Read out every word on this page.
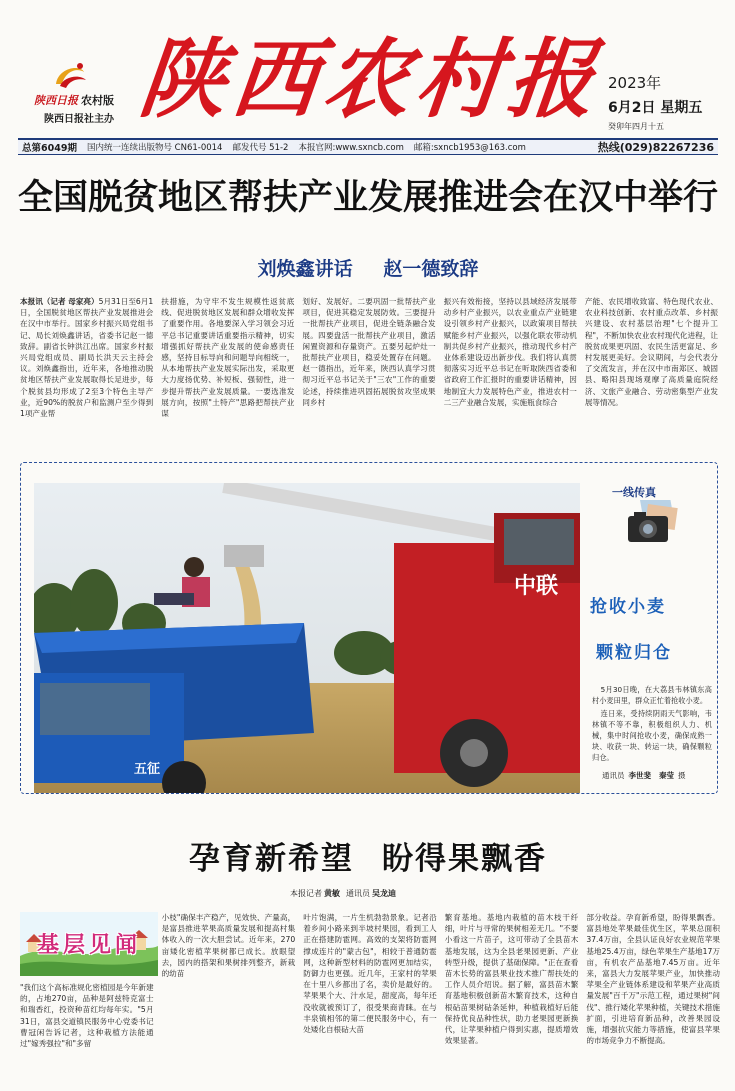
陕西日报 农村版
陕西日报社主办 陕西农村报 2023年
6月2日 星期五
癸卯年四月十五
总第6049期 国内统一连续出版物号 CN61-0014 邮发代号 51-2 本报官网:www.sxncb.com 邮箱:sxncb1953@163.com	热线(029)82267236
全国脱贫地区帮扶产业发展推进会在汉中举行
刘焕鑫讲话 赵一德致辞
本报讯（记者 母家亮）5月31日至6月1日，全国脱贫地区帮扶产业发展推进会在汉中市举行。国家乡村振兴局党组书记、局长刘焕鑫讲话，省委书记赵一德致辞。副省长钟洪江出席。国家乡村振兴局党组成员、副局长洪天云主持会议。刘焕鑫指出，近年来，各地推动脱贫地区帮扶产业发展取得长足进步，每个脱贫县均形成了2至3个特色主导产业，近90%的脱贫户和监测户至少得到1项产业帮
扶措施，为守牢不发生规模性返贫底线、促进脱贫地区发展和群众增收发挥了重要作用。各地要深入学习领会习近平总书记重要讲话重要指示精神，切实增强抓好帮扶产业发展的使命感责任感，坚持目标导向和问题导向相统一，从本地帮扶产业发展实际出发，采取更大力度扬优势、补短板、强韧性，进一步提升帮扶产业发展质量。一要选准发展方向，按照"土特产"思路把帮扶产业谋
划好、发展好。二要巩固一批帮扶产业项目，促进其稳定发展防效。三要提升一批帮扶产业项目，促进全链条融合发展。四要盘活一批帮扶产业项目，激活闲置资源和存量资产。五要另起炉灶一批帮扶产业项目，稳妥处置存在问题。赵一德指出，近年来，陕西认真学习贯彻习近平总书记关于"三农"工作的重要论述，持续推进巩固拓展脱贫攻坚成果同乡村
振兴有效衔接，坚持以县域经济发展带动乡村产业振兴，以农业重点产业链建设引领乡村产业振兴，以政策项目帮扶赋能乡村产业振兴，以强化联农带动机制共促乡村产业振兴，推动现代乡村产业体系建设迈出新步伐。我们将认真贯彻落实习近平总书记在听取陕西省委和省政府工作汇报时的重要讲话精神，因地制宜大力发展特色产业，推进农村一二三产业融合发展，实施瓶食综合
产能、农民增收致富、特色现代农业、农业科技创新、农村重点改革、乡村振兴建设、农村基层治理"七个提升工程"，不断加快农业农村现代化进程，让脱贫成果更巩固、农民生活更富足、乡村发展更美好。会议期间，与会代表分了交流发言，并在汉中市南郑区、城固县、略阳县现场观摩了高质量庭院经济、文旅产业融合、劳动密集型产业发展等情况。
中联
五征
一线传真
抢收小麦
颗粒归仓

5月30日晚，在大荔县韦林镇东高村小麦田里，群众正忙着抢收小麦。

连日来，受持续阴雨天气影响，韦林镇不等不靠，积极组织人力、机械，集中时间抢收小麦，确保成熟一块、收获一块、转运一块，确保颗粒归仓。

通讯员 李世斐 秦莹 摄
孕育新希望 盼得果飘香
本报记者 黄敏 通讯员 吴龙迪
基层见闻
"我们这个高标准规化密植园是今年新建的，占地270亩，品种是阿兹特克富士和瑞香红，投资种苗红均每年实。"5月31日，富县交道镇民服务中心党委书记曹冠闲告诉记者，这种栽植方法能通过"嫁秀强拉"和"多留
小枝"确保丰产稳产，见效快、产量高，是富县推进苹果高质量发展和提高村集体收入的一次大胆尝试。近年来，270亩矮化密植苹果树都已成长。放眼望去，园内的搭架和果树排列整齐，新栽的幼苗
叶片饱满，一片生机勃勃景象。记者沿着乡间小路来到半坡村果园，看到工人正在搭建防雹网。高效的支架将防雹网撑成连片的"蒙古包"，相较于普通防雹网，这种新型材料的防雹网更加结实，防御力也更强。近几年，王家村的苹果在十里八乡都出了名，卖价是最好的。苹果果个大、汁水足，甜度高，每年还没收就被预订了，很受果商青睐。在与丰泉镇相邻的第二便民服务中心，有一处矮化自根砧大苗
繁育基地。基地内栽植的苗木枝干纤细，叶片与寻常的果树相差无几。"不要小看这一片苗子，这可带动了全县苗木基地发展，这为全县老果园更新、产业转型升级，提供了基础保障。"正在查看苗木长势的富县果业技术推广帮扶处的工作人员介绍说。据了解，富县苗木繁育基地积极创新苗木繁育技术，这种自根砧苗果树砧条延伸，种植栽植好后能保持优良品种性状，助力老果园更新换代，让苹果种植户得到实惠，提质增效效果显著。
部分收益。孕育新希望，盼得果飘香。富县地处苹果最佳优生区，苹果总面积37.4万亩，全县认证良好农业规范苹果基地25.4万亩，绿色苹果生产基地17万亩，有机农产品基地7.45万亩。近年来，富县大力发展苹果产业，加快推动苹果全产业链体系建设和苹果产业高质量发展"百千万"示范工程，通过果树"间伐"、推行矮化苹果种植，关键技术措施扩面，引进培育新品种，改善果园设施，增强抗灾能力等措施，使富县苹果的市场竞争力不断提高。
